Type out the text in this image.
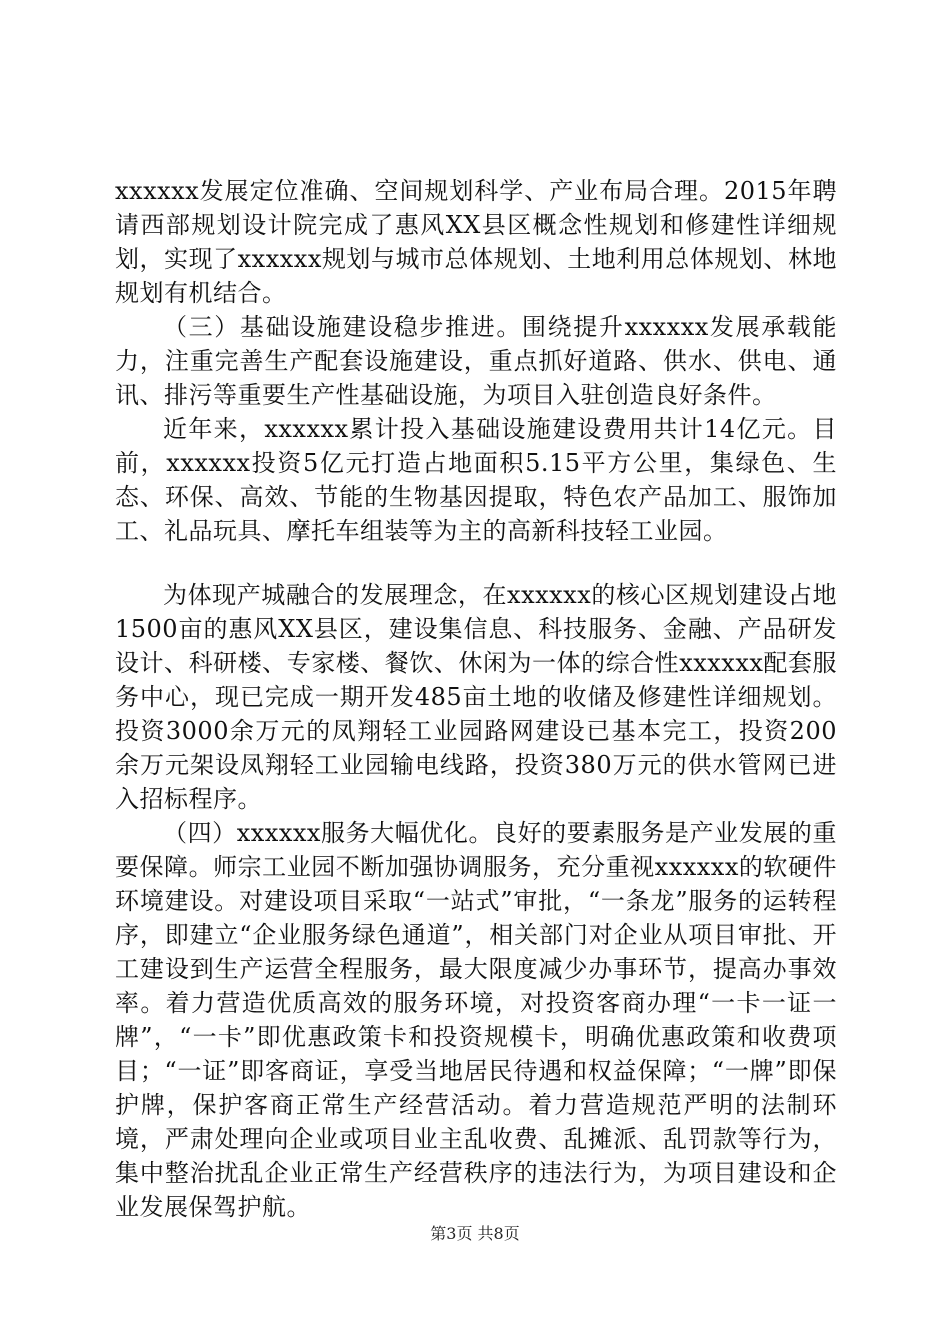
xxxxxx发展定位准确、空间规划科学、产业布局合理。2015年聘请西部规划设计院完成了惠风XX县区概念性规划和修建性详细规划，实现了xxxxxx规划与城市总体规划、土地利用总体规划、林地规划有机结合。

（三）基础设施建设稳步推进。围绕提升xxxxxx发展承载能力，注重完善生产配套设施建设，重点抓好道路、供水、供电、通讯、排污等重要生产性基础设施，为项目入驻创造良好条件。

近年来，xxxxxx累计投入基础设施建设费用共计14亿元。目前，xxxxxx投资5亿元打造占地面积5.15平方公里，集绿色、生态、环保、高效、节能的生物基因提取，特色农产品加工、服饰加工、礼品玩具、摩托车组装等为主的高新科技轻工业园。

为体现产城融合的发展理念，在xxxxxx的核心区规划建设占地1500亩的惠风XX县区，建设集信息、科技服务、金融、产品研发设计、科研楼、专家楼、餐饮、休闲为一体的综合性xxxxxx配套服务中心，现已完成一期开发485亩土地的收储及修建性详细规划。投资3000余万元的凤翔轻工业园路网建设已基本完工，投资200余万元架设凤翔轻工业园输电线路，投资380万元的供水管网已进入招标程序。

（四）xxxxxx服务大幅优化。良好的要素服务是产业发展的重要保障。师宗工业园不断加强协调服务，充分重视xxxxxx的软硬件环境建设。对建设项目采取“一站式”审批，“一条龙”服务的运转程序，即建立“企业服务绿色通道”，相关部门对企业从项目审批、开工建设到生产运营全程服务，最大限度减少办事环节，提高办事效率。着力营造优质高效的服务环境，对投资客商办理“一卡一证一牌”，“一卡”即优惠政策卡和投资规模卡，明确优惠政策和收费项目；“一证”即客商证，享受当地居民待遇和权益保障；“一牌”即保护牌，保护客商正常生产经营活动。着力营造规范严明的法制环境，严肃处理向企业或项目业主乱收费、乱摊派、乱罚款等行为，集中整治扰乱企业正常生产经营秩序的违法行为，为项目建设和企业发展保驾护航。

第3页 共8页
